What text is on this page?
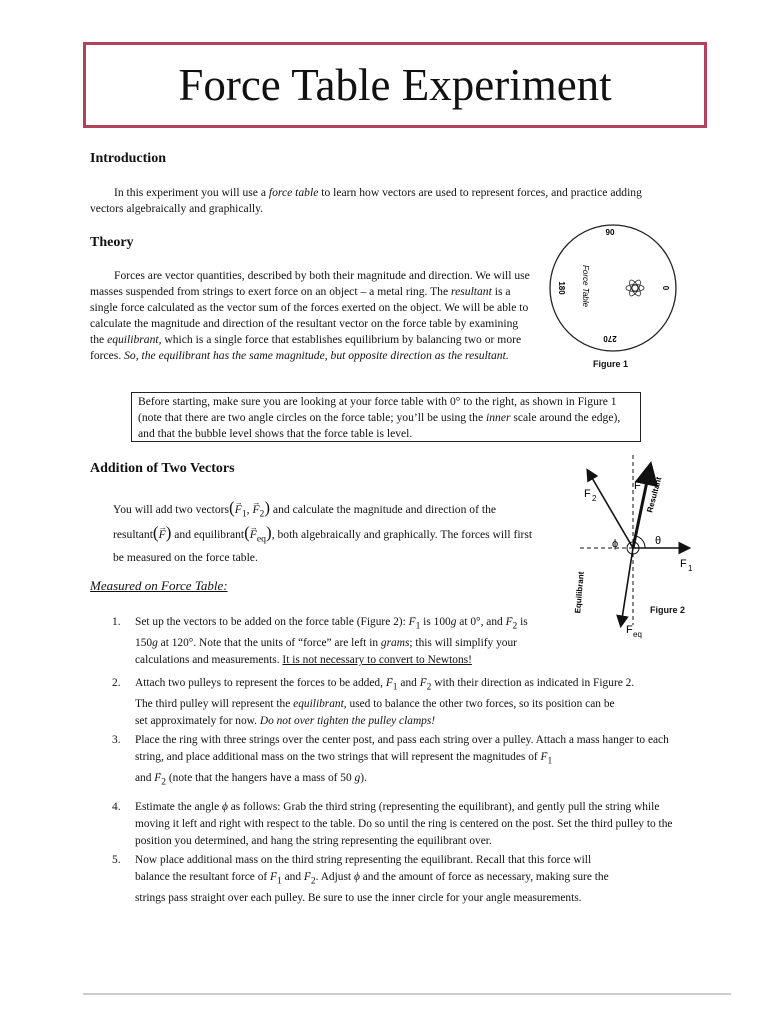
Force Table Experiment
Introduction

In this experiment you will use a force table to learn how vectors are used to represent forces, and practice adding vectors algebraically and graphically.

Theory

Forces are vector quantities, described by both their magnitude and direction. We will use masses suspended from strings to exert force on an object – a metal ring. The resultant is a single force calculated as the vector sum of the forces exerted on the object. We will be able to calculate the magnitude and direction of the resultant vector on the force table by examining the equilibrant, which is a single force that establishes equilibrium by balancing two or more forces. So, the equilibrant has the same magnitude, but opposite direction as the resultant.

90
0
180
270
Force Table
Figure 1
Before starting, make sure you are looking at your force table with 0° to the right, as shown in Figure 1 (note that there are two angle circles on the force table; you’ll be using the inner scale around the edge), and that the bubble level shows that the force table is level.
Addition of Two Vectors
You will add two vectors(→ $F_1$, → $F_2$) and calculate the magnitude and direction of the
resultant(→ F) and equilibrant(→ $F_{eq}$), both algebraically and graphically. The forces will first
be measured on the force table.
θ
ϕ
F 1
F 2
F Resultant
Equilibrant
F eq
Figure 2
Measured on Force Table:
1. Set up the vectors to be added on the force table (Figure 2): → $F_1$ is 100g at 0°, and → $F_2$ is
150g at 120°. Note that the units of “force” are left in grams; this will simplify your
calculations and measurements. It is not necessary to convert to Newtons!
2. Attach two pulleys to represent the forces to be added, → $F_1$ and → $F_2$ with their direction as indicated in Figure 2.
The third pulley will represent the equilibrant, used to balance the other two forces, so its position can be
set approximately for now. Do not over tighten the pulley clamps!
3. Place the ring with three strings over the center post, and pass each string over a pulley. Attach a mass hanger to each string, and place additional mass on the two strings that will represent the magnitudes of → $F_1$
and → $F_2$ (note that the hangers have a mass of 50 g).
4. Estimate the angle ϕ as follows: Grab the third string (representing the equilibrant), and gently pull the string while moving it left and right with respect to the table. Do so until the ring is centered on the post. Set the third pulley to the position you determined, and hang the string representing the equilibrant over.
5. Now place additional mass on the third string representing the equilibrant. Recall that this force will
balance the resultant force of → $F_1$ and → $F_2$. Adjust ϕ and the amount of force as necessary, making sure the
strings pass straight over each pulley. Be sure to use the inner circle for your angle measurements.
